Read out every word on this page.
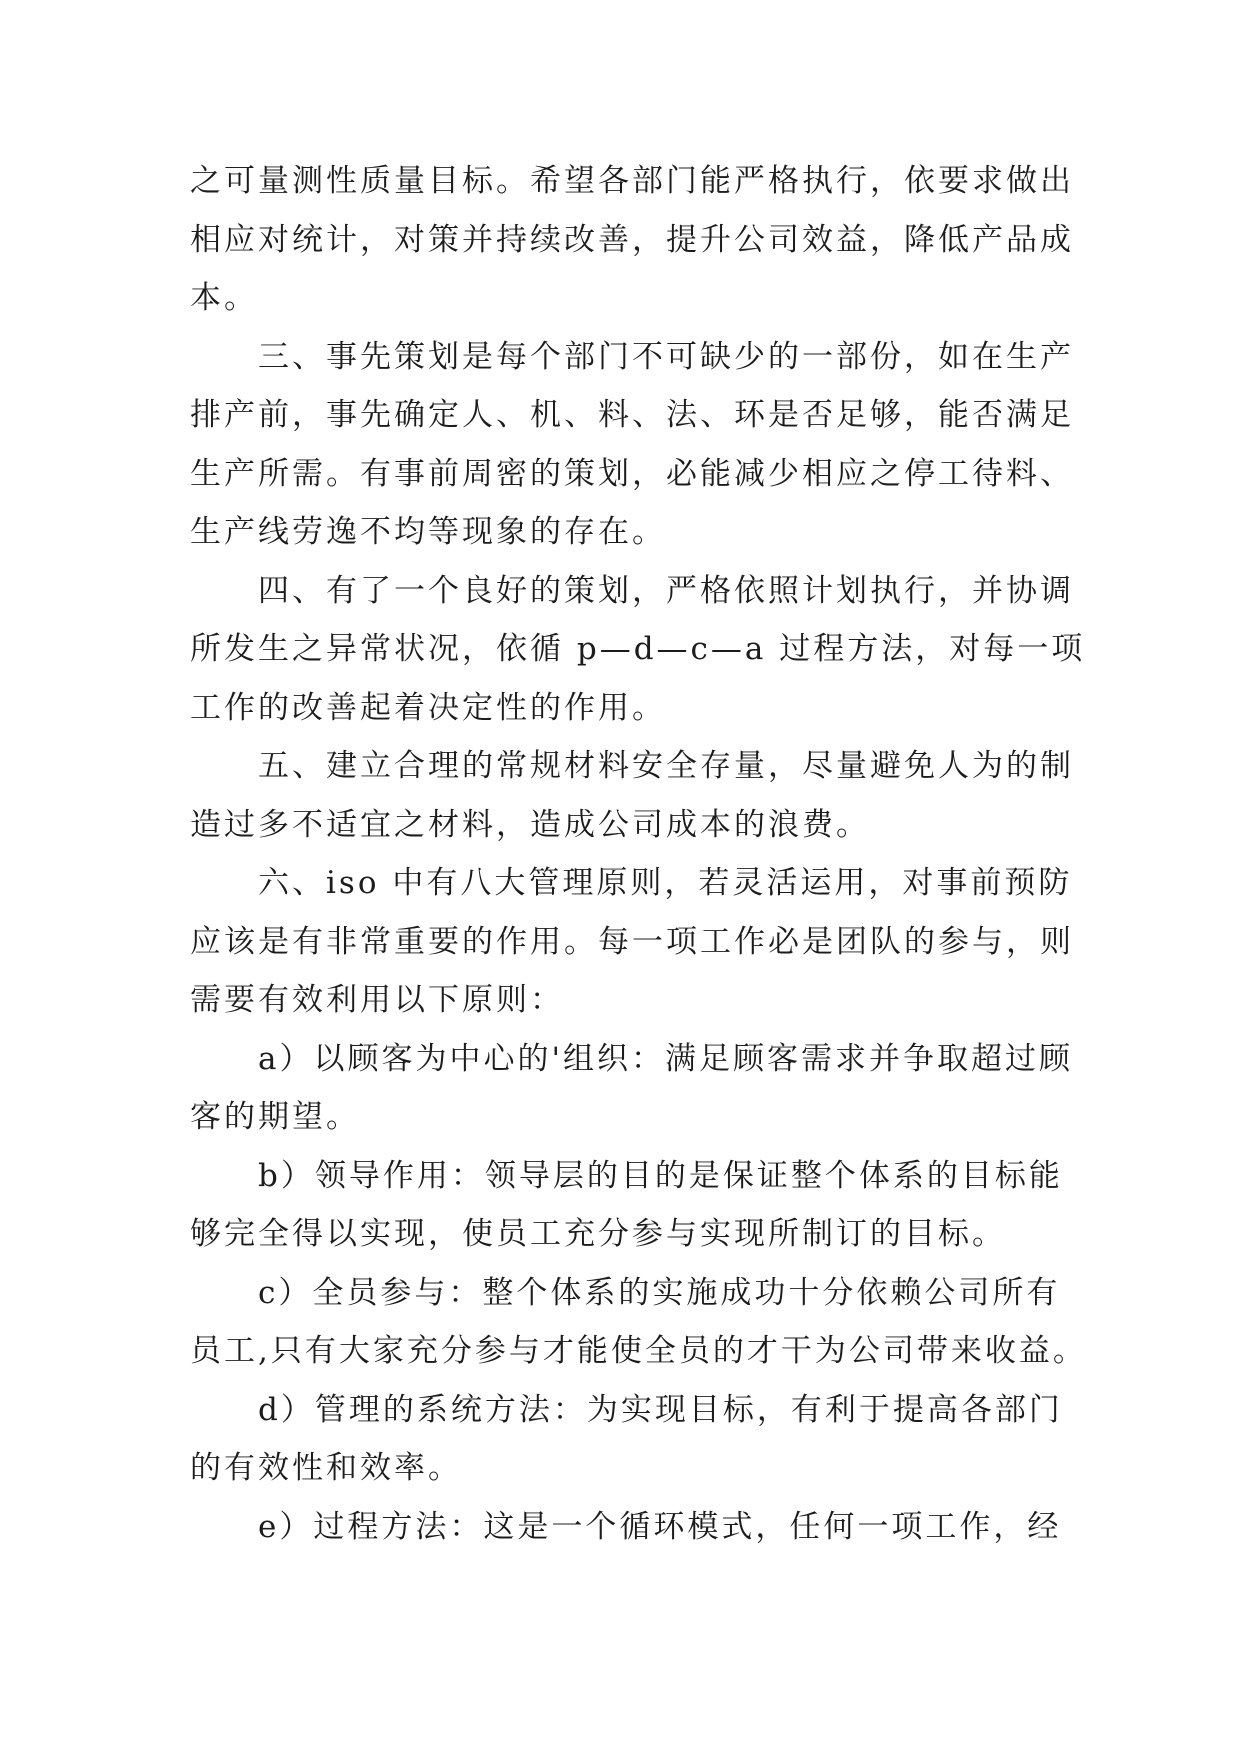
之可量测性质量目标。希望各部门能严格执行，依要求做出
相应对统计，对策并持续改善，提升公司效益，降低产品成
本。
　　三、事先策划是每个部门不可缺少的一部份，如在生产
排产前，事先确定人、机、料、法、环是否足够，能否满足
生产所需。有事前周密的策划，必能减少相应之停工待料、
生产线劳逸不均等现象的存在。
　　四、有了一个良好的策划，严格依照计划执行，并协调
所发生之异常状况，依循 p—d—c—a 过程方法，对每一项
工作的改善起着决定性的作用。
　　五、建立合理的常规材料安全存量，尽量避免人为的制
造过多不适宜之材料，造成公司成本的浪费。
　　六、iso 中有八大管理原则，若灵活运用，对事前预防
应该是有非常重要的作用。每一项工作必是团队的参与，则
需要有效利用以下原则：
　　a）以顾客为中心的'组织：满足顾客需求并争取超过顾
客的期望。
　　b）领导作用：领导层的目的是保证整个体系的目标能
够完全得以实现，使员工充分参与实现所制订的目标。
　　c）全员参与：整个体系的实施成功十分依赖公司所有
员工,只有大家充分参与才能使全员的才干为公司带来收益。
　　d）管理的系统方法：为实现目标，有利于提高各部门
的有效性和效率。
　　e）过程方法：这是一个循环模式，任何一项工作，经
